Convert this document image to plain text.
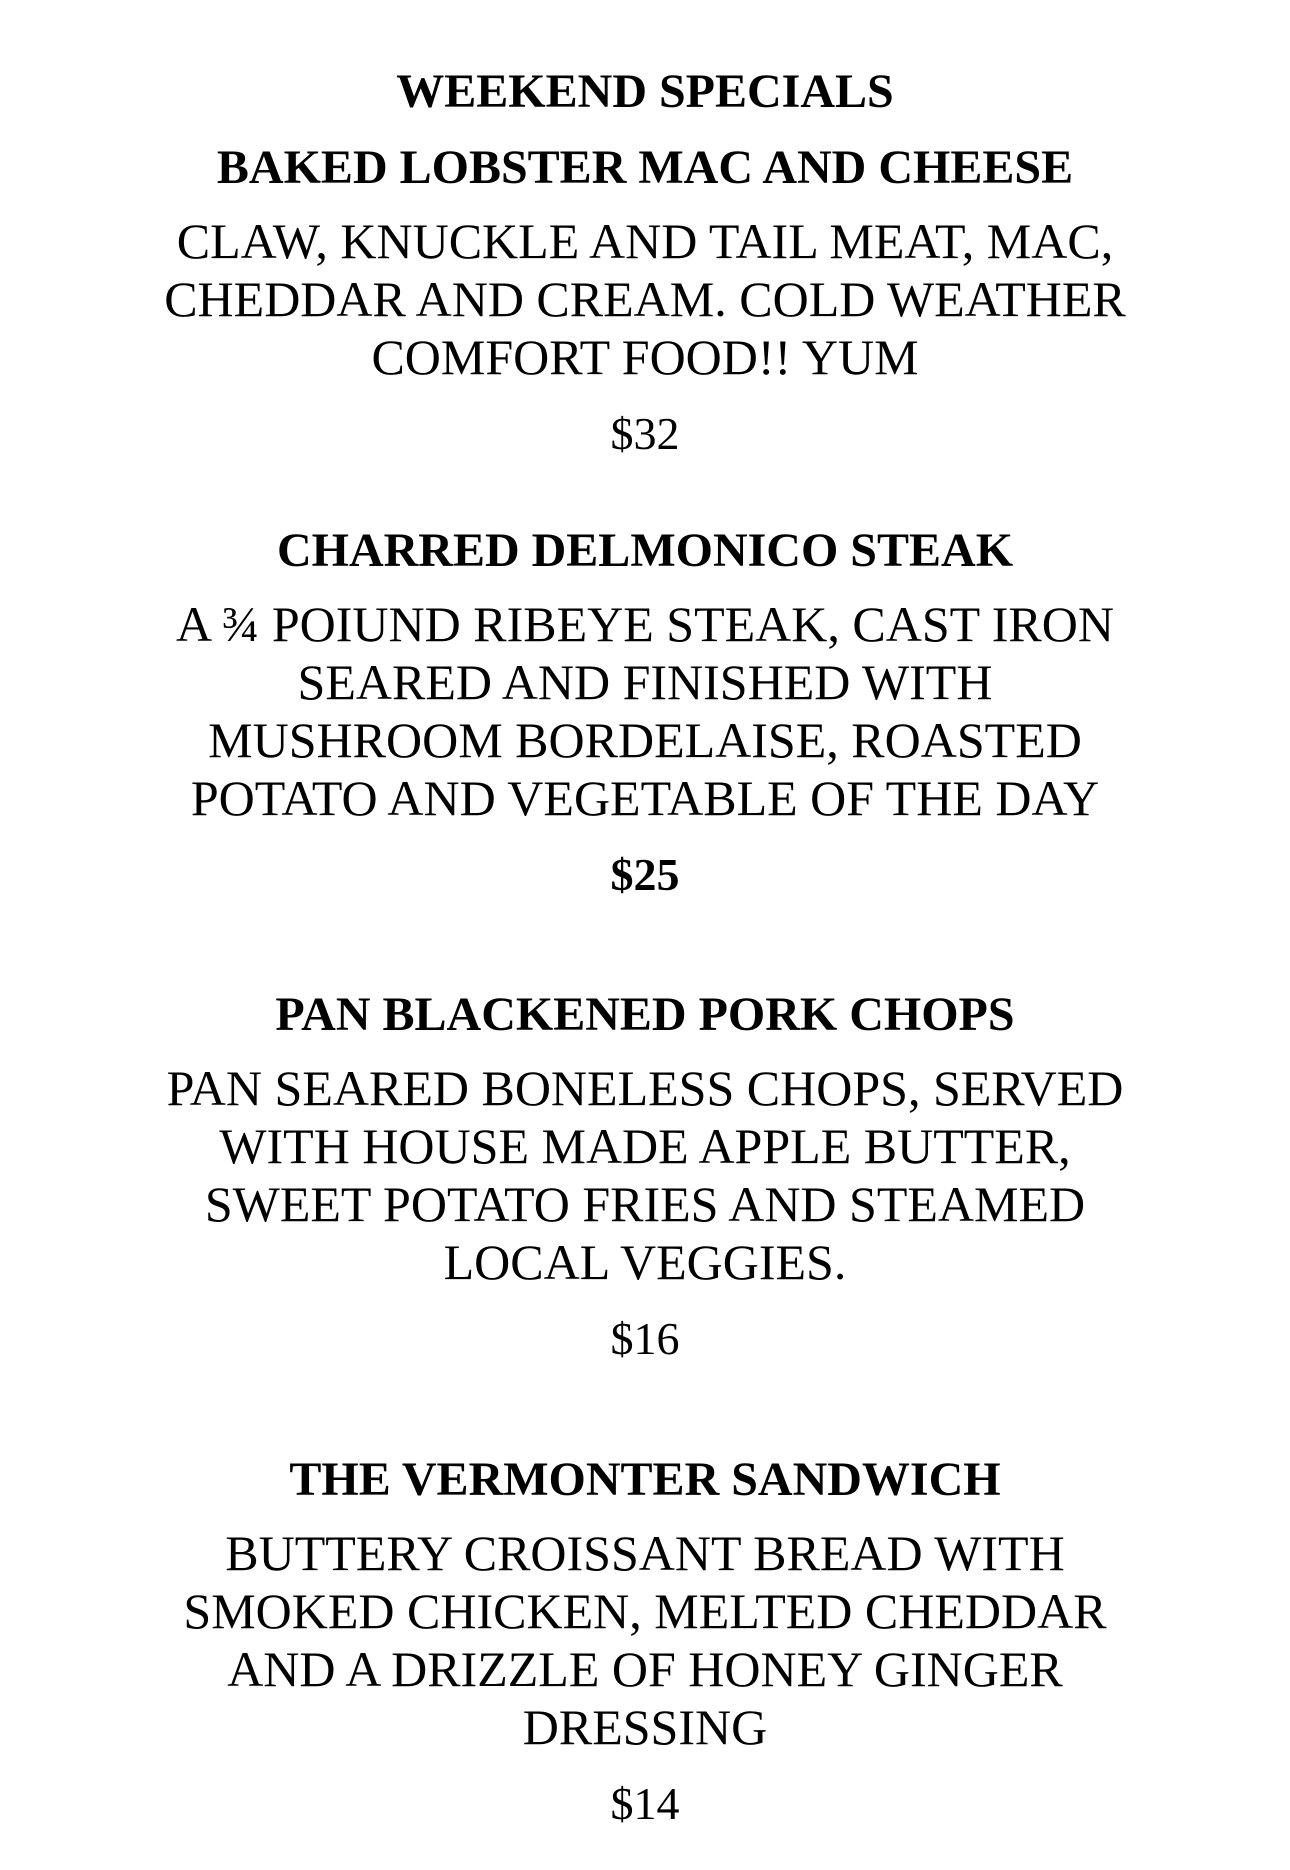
WEEKEND SPECIALS
BAKED LOBSTER MAC AND CHEESE
CLAW, KNUCKLE AND TAIL MEAT, MAC,
CHEDDAR AND CREAM. COLD WEATHER
COMFORT FOOD!! YUM
$32
CHARRED DELMONICO STEAK
A ¾ POIUND RIBEYE STEAK, CAST IRON
SEARED AND FINISHED WITH
MUSHROOM BORDELAISE, ROASTED
POTATO AND VEGETABLE OF THE DAY
$25
PAN BLACKENED PORK CHOPS
PAN SEARED BONELESS CHOPS, SERVED
WITH HOUSE MADE APPLE BUTTER,
SWEET POTATO FRIES AND STEAMED
LOCAL VEGGIES.
$16
THE VERMONTER SANDWICH
BUTTERY CROISSANT BREAD WITH
SMOKED CHICKEN, MELTED CHEDDAR
AND A DRIZZLE OF HONEY GINGER
DRESSING
$14
